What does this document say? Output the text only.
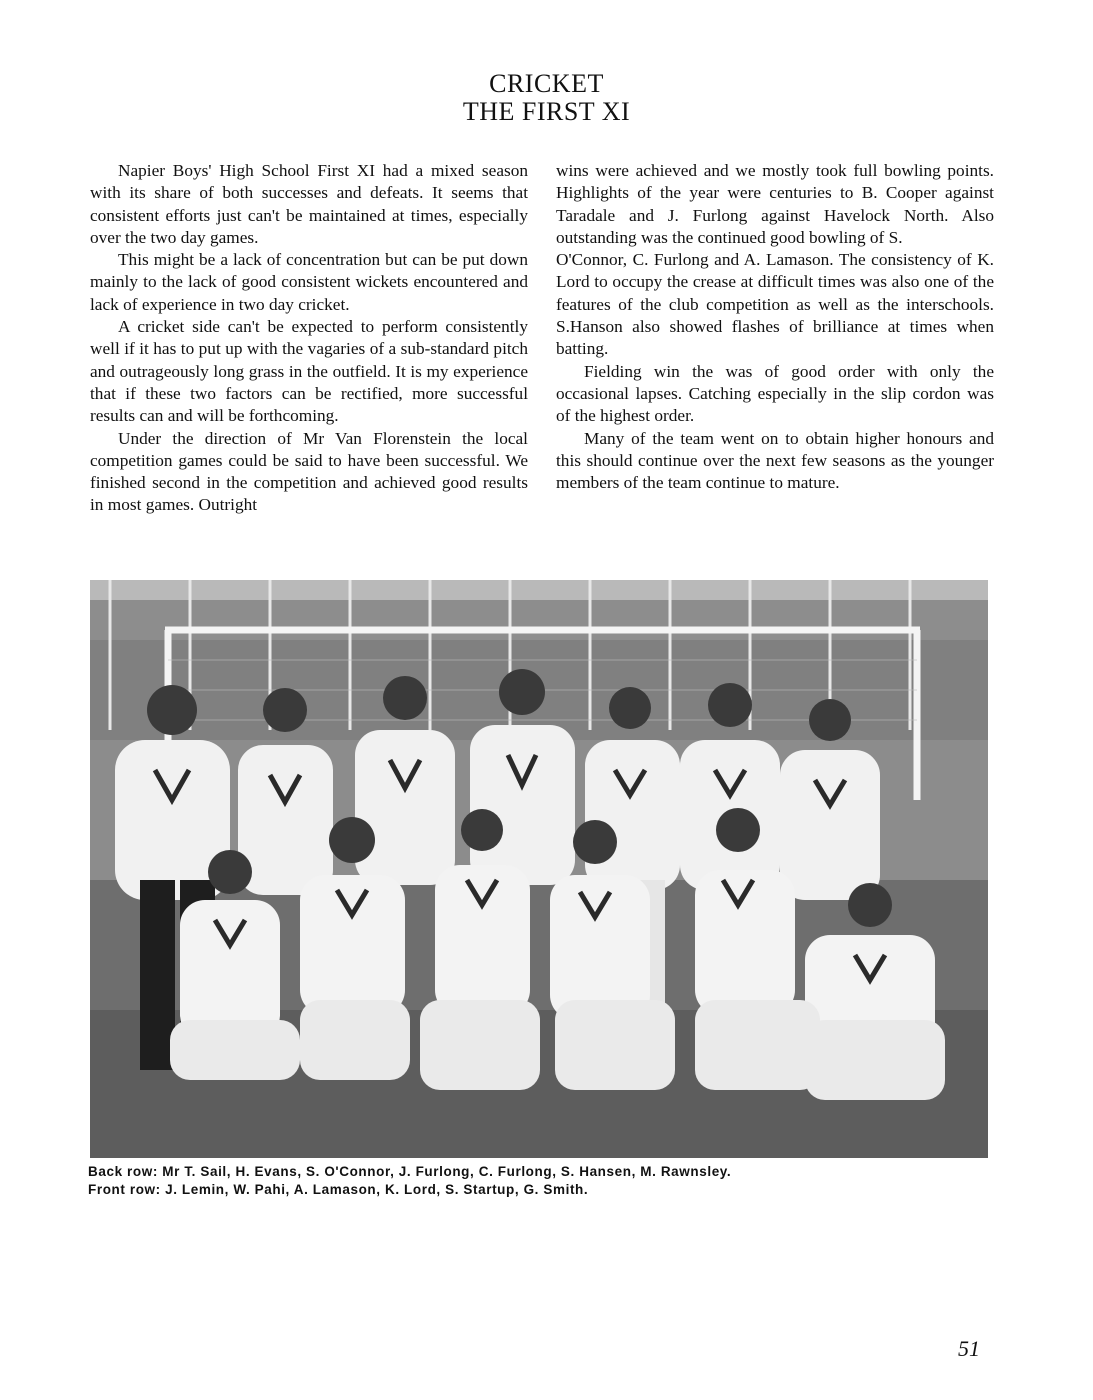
CRICKET
THE FIRST XI

Napier Boys' High School First XI had a mixed season with its share of both successes and defeats. It seems that consistent efforts just can't be maintained at times, especially over the two day games.

This might be a lack of concentration but can be put down mainly to the lack of good consistent wickets encountered and lack of experience in two day cricket.

A cricket side can't be expected to perform consistently well if it has to put up with the vagaries of a sub-standard pitch and outrageously long grass in the outfield. It is my experience that if these two factors can be rectified, more successful results can and will be forthcoming.

Under the direction of Mr Van Florenstein the local competition games could be said to have been successful. We finished second in the competition and achieved good results in most games. Outright

wins were achieved and we mostly took full bowling points. Highlights of the year were centuries to B. Cooper against Taradale and J. Furlong against Havelock North. Also outstanding was the continued good bowling of S.

O'Connor, C. Furlong and A. Lamason. The consistency of K. Lord to occupy the crease at difficult times was also one of the features of the club competition as well as the interschools. S.Hanson also showed flashes of brilliance at times when batting.

Fielding win the was of good order with only the occasional lapses. Catching especially in the slip cordon was of the highest order.

Many of the team went on to obtain higher honours and this should continue over the next few seasons as the younger members of the team continue to mature.

Back row: Mr T. Sail, H. Evans, S. O'Connor, J. Furlong, C. Furlong, S. Hansen, M. Rawnsley.
Front row: J. Lemin, W. Pahi, A. Lamason, K. Lord, S. Startup, G. Smith.
51
